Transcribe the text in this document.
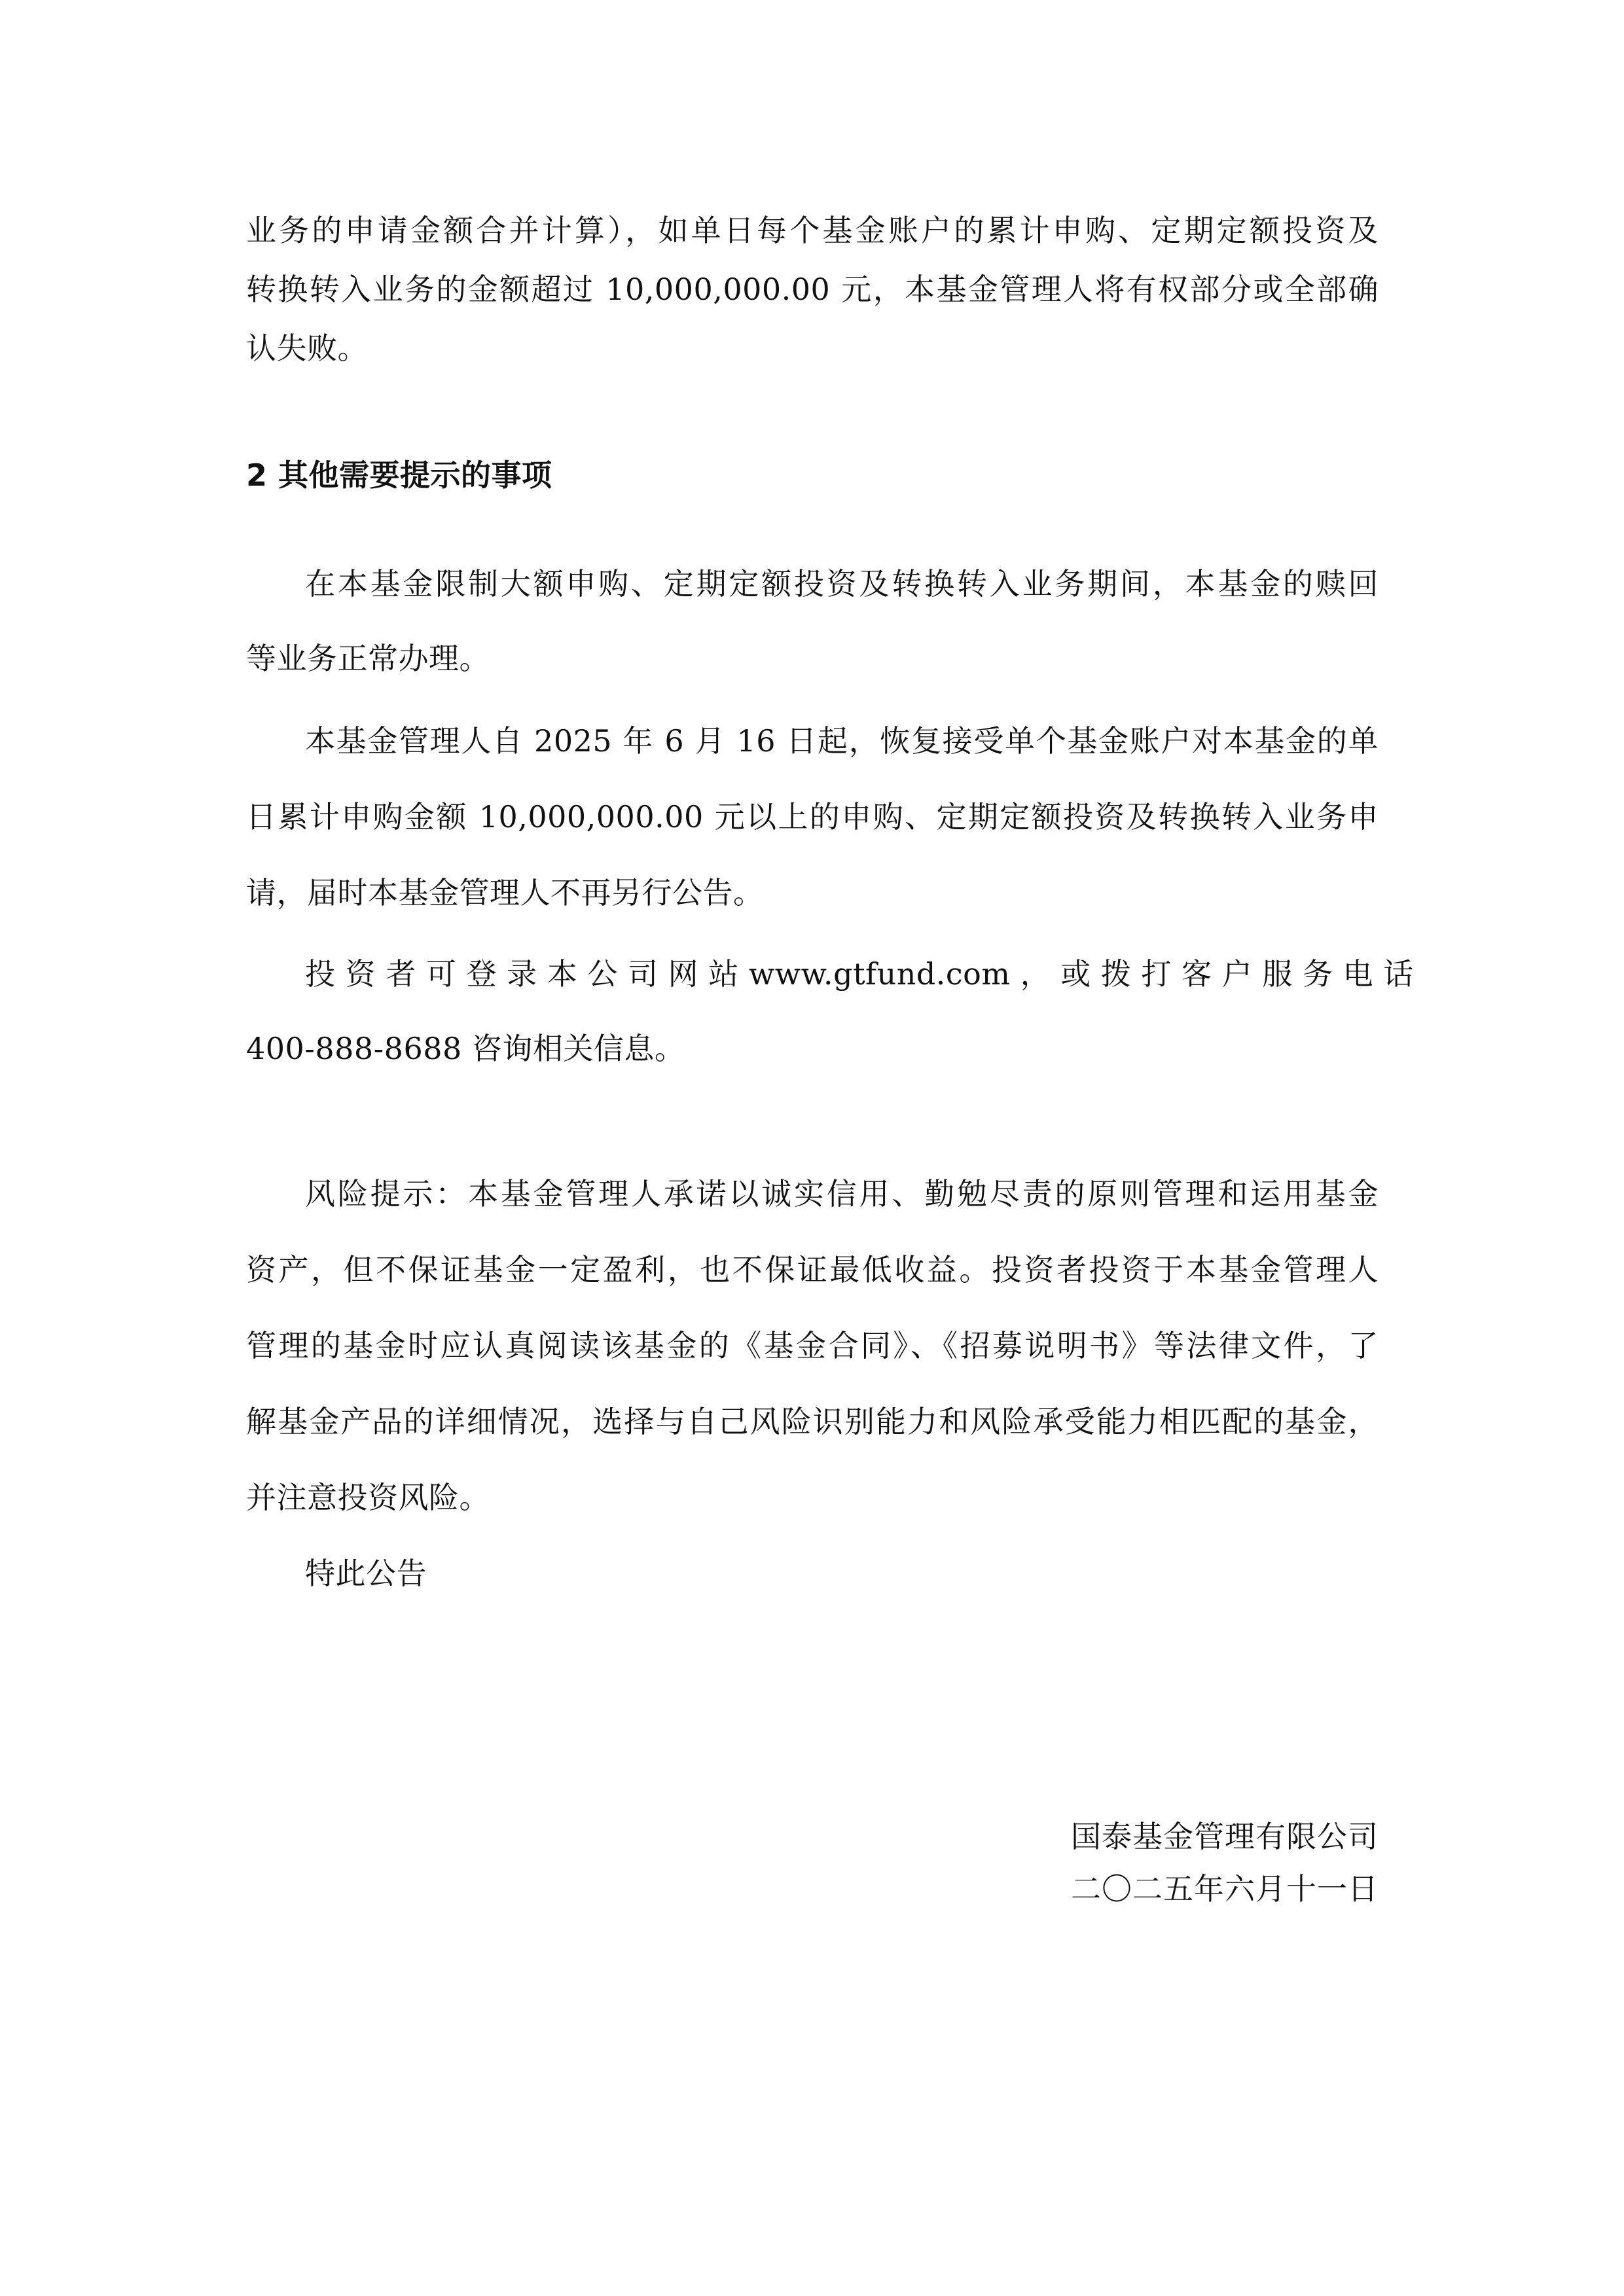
业务的申请金额合并计算），如单日每个基金账户的累计申购、定期定额投资及
转换转入业务的金额超过 10,000,000.00 元，本基金管理人将有权部分或全部确
认失败。
2 其他需要提示的事项
在本基金限制大额申购、定期定额投资及转换转入业务期间，本基金的赎回
等业务正常办理。
本基金管理人自 2025 年 6 月 16 日起，恢复接受单个基金账户对本基金的单
日累计申购金额 10,000,000.00 元以上的申购、定期定额投资及转换转入业务申
请，届时本基金管理人不再另行公告。
投 资 者 可 登 录 本 公 司 网 站 www.gtfund.com ， 或 拨 打 客 户 服 务 电 话
400-888-8688 咨询相关信息。
风险提示：本基金管理人承诺以诚实信用、勤勉尽责的原则管理和运用基金
资产，但不保证基金一定盈利，也不保证最低收益。投资者投资于本基金管理人
管理的基金时应认真阅读该基金的《基金合同》、《招募说明书》等法律文件，了
解基金产品的详细情况，选择与自己风险识别能力和风险承受能力相匹配的基金，
并注意投资风险。
特此公告
国泰基金管理有限公司
二〇二五年六月十一日
